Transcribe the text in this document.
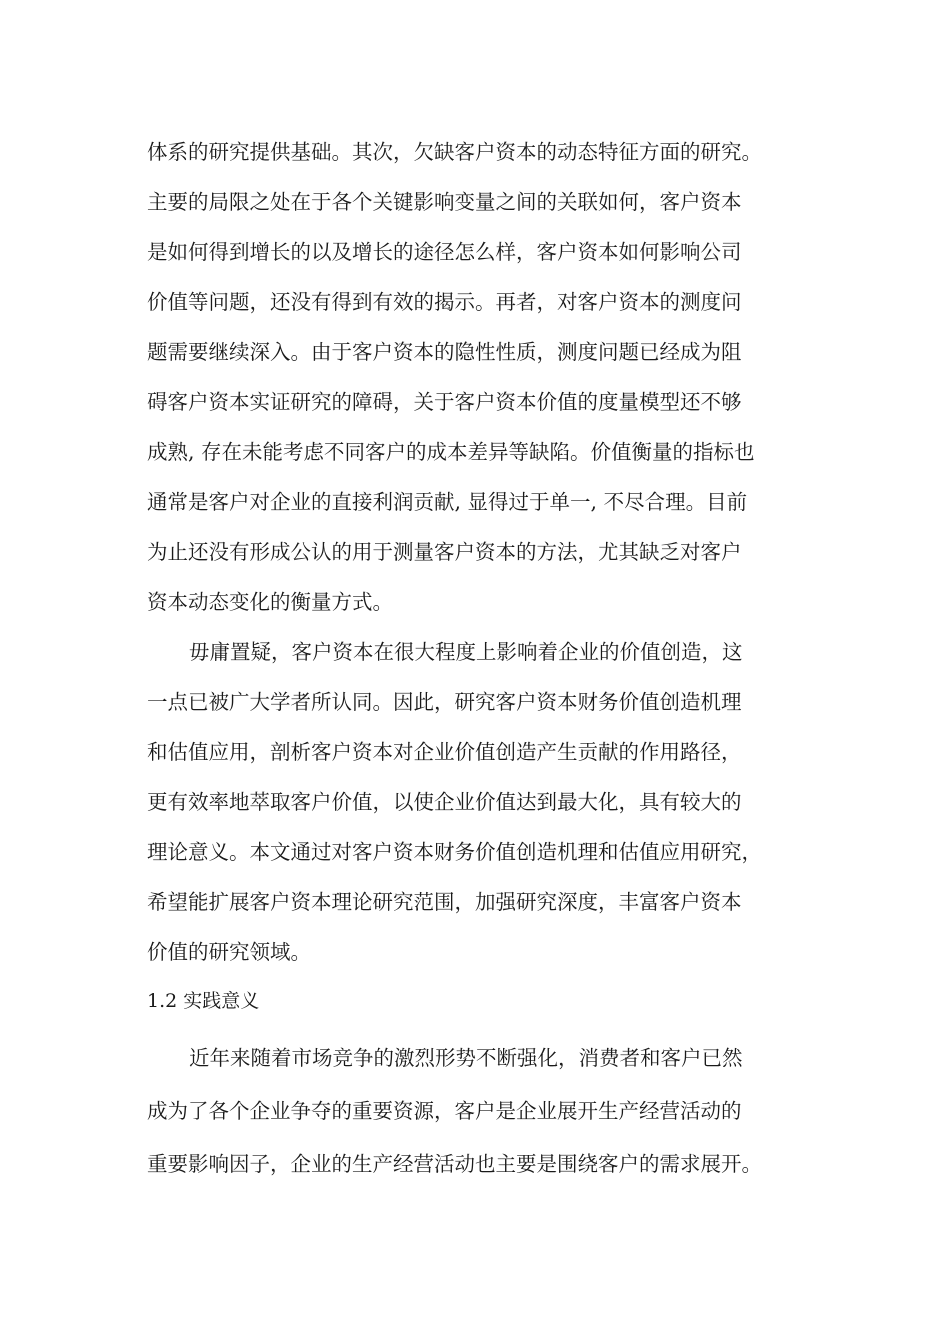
体系的研究提供基础。其次，欠缺客户资本的动态特征方面的研究。
主要的局限之处在于各个关键影响变量之间的关联如何，客户资本
是如何得到增长的以及增长的途径怎么样，客户资本如何影响公司
价值等问题，还没有得到有效的揭示。再者，对客户资本的测度问
题需要继续深入。由于客户资本的隐性性质，测度问题已经成为阻
碍客户资本实证研究的障碍，关于客户资本价值的度量模型还不够
成熟, 存在未能考虑不同客户的成本差异等缺陷。价值衡量的指标也
通常是客户对企业的直接利润贡献, 显得过于单一, 不尽合理。目前
为止还没有形成公认的用于测量客户资本的方法，尤其缺乏对客户
资本动态变化的衡量方式。
毋庸置疑，客户资本在很大程度上影响着企业的价值创造，这
一点已被广大学者所认同。因此，研究客户资本财务价值创造机理
和估值应用，剖析客户资本对企业价值创造产生贡献的作用路径，
更有效率地萃取客户价值，以使企业价值达到最大化，具有较大的
理论意义。本文通过对客户资本财务价值创造机理和估值应用研究，
希望能扩展客户资本理论研究范围，加强研究深度，丰富客户资本
价值的研究领域。
1.2 实践意义
近年来随着市场竞争的激烈形势不断强化，消费者和客户已然
成为了各个企业争夺的重要资源，客户是企业展开生产经营活动的
重要影响因子，企业的生产经营活动也主要是围绕客户的需求展开。
